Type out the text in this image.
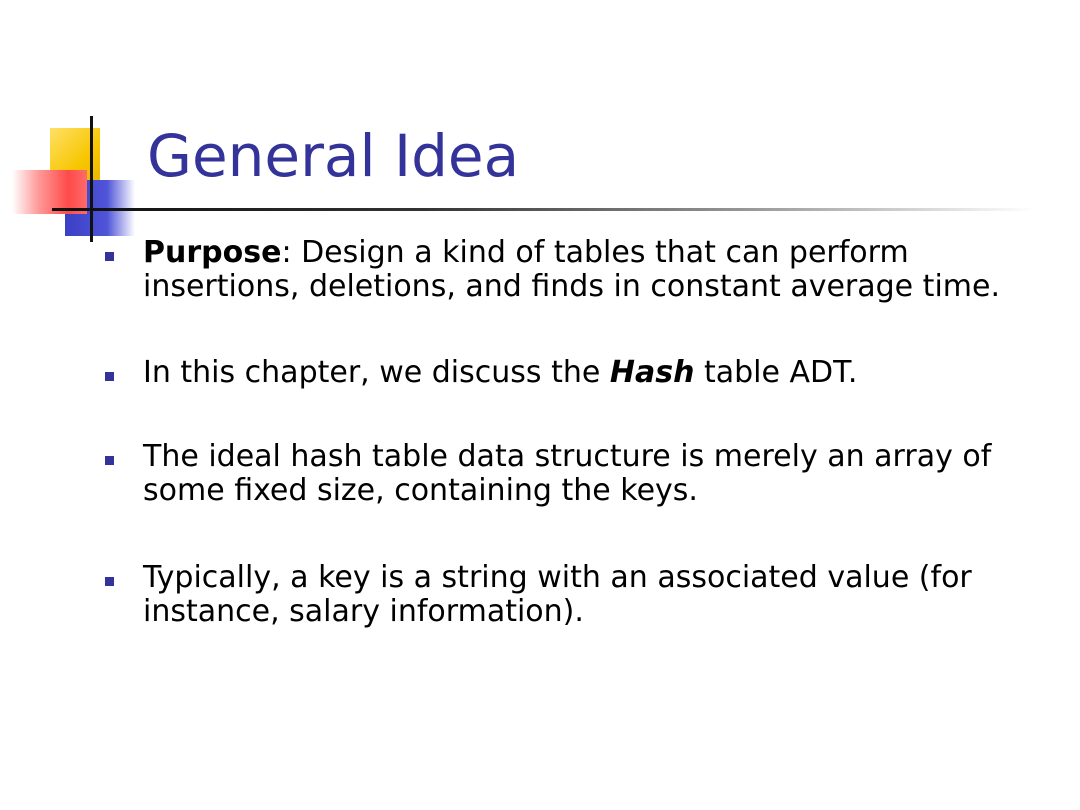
General Idea
Purpose: Design a kind of tables that can perform insertions, deletions, and finds in constant average time.
In this chapter, we discuss the Hash table ADT.
The ideal hash table data structure is merely an array of some fixed size, containing the keys.
Typically, a key is a string with an associated value (for instance, salary information).
